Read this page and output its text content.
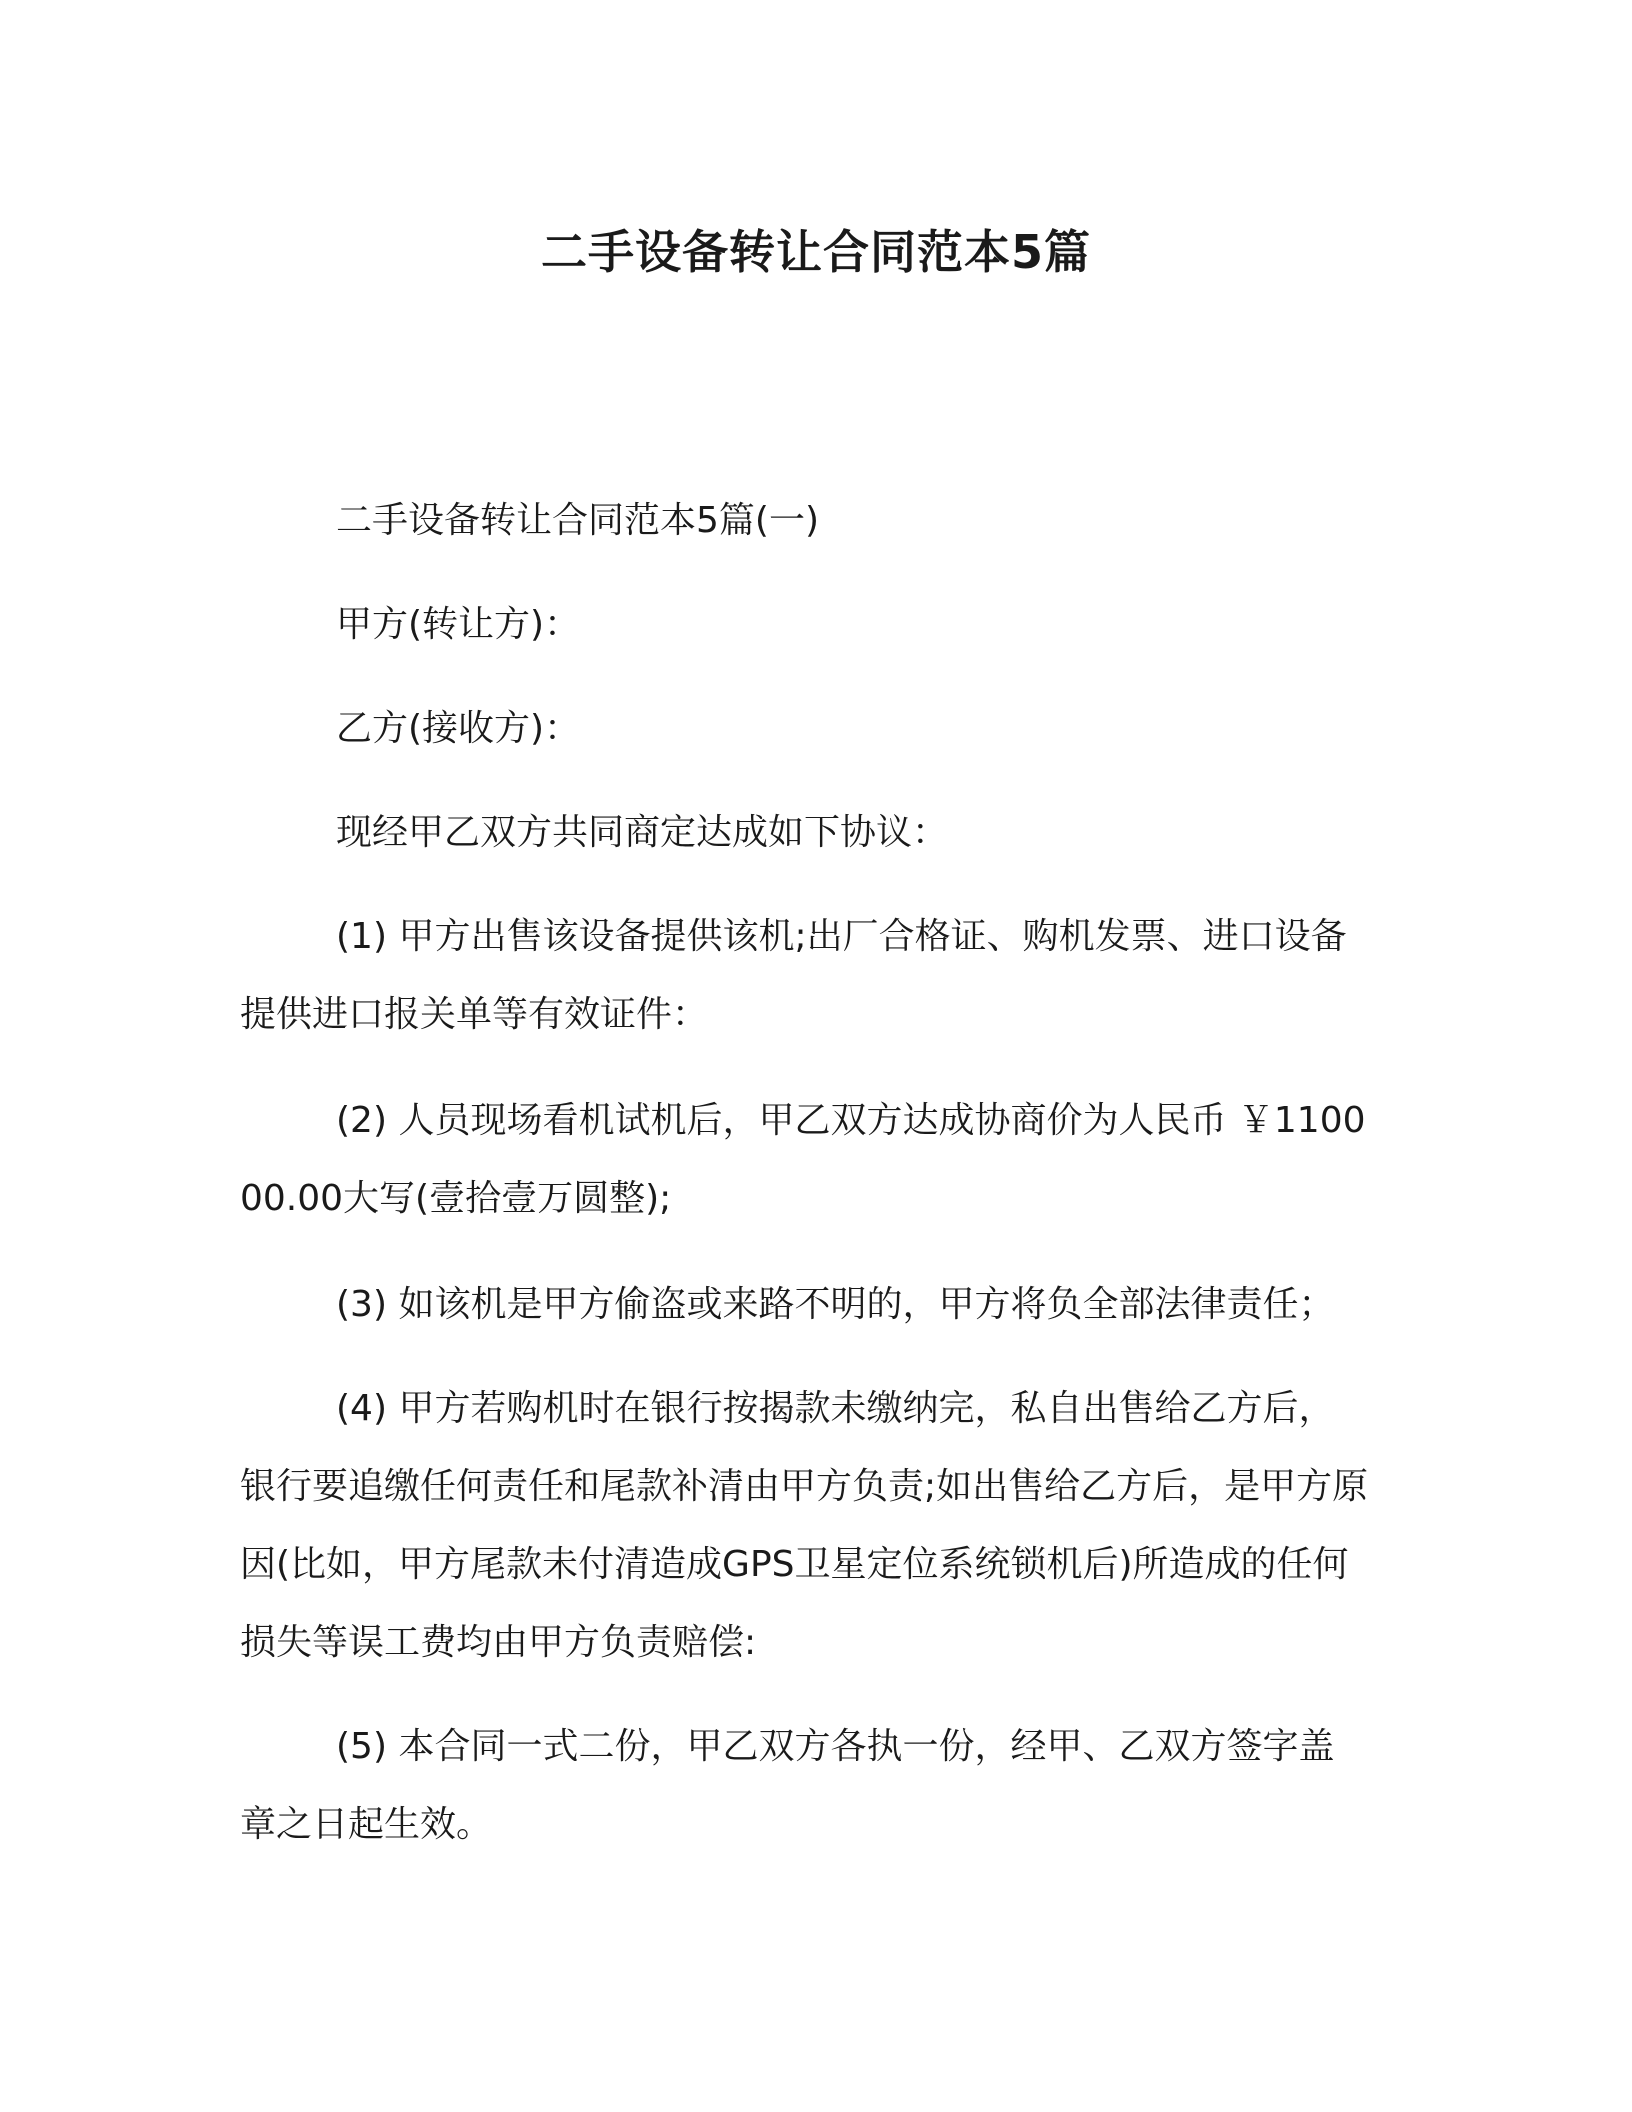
二手设备转让合同范本5篇

二手设备转让合同范本5篇(一)

甲方(转让方)：

乙方(接收方)：

现经甲乙双方共同商定达成如下协议：

(1) 甲方出售该设备提供该机;出厂合格证、购机发票、进口设备提供进口报关单等有效证件：

(2) 人员现场看机试机后，甲乙双方达成协商价为人民币 ￥110000.00大写(壹拾壹万圆整);

(3) 如该机是甲方偷盗或来路不明的，甲方将负全部法律责任；

(4) 甲方若购机时在银行按揭款未缴纳完，私自出售给乙方后，银行要追缴任何责任和尾款补清由甲方负责;如出售给乙方后，是甲方原因(比如，甲方尾款未付清造成GPS卫星定位系统锁机后)所造成的任何损失等误工费均由甲方负责赔偿:

(5) 本合同一式二份，甲乙双方各执一份，经甲、乙双方签字盖章之日起生效。
